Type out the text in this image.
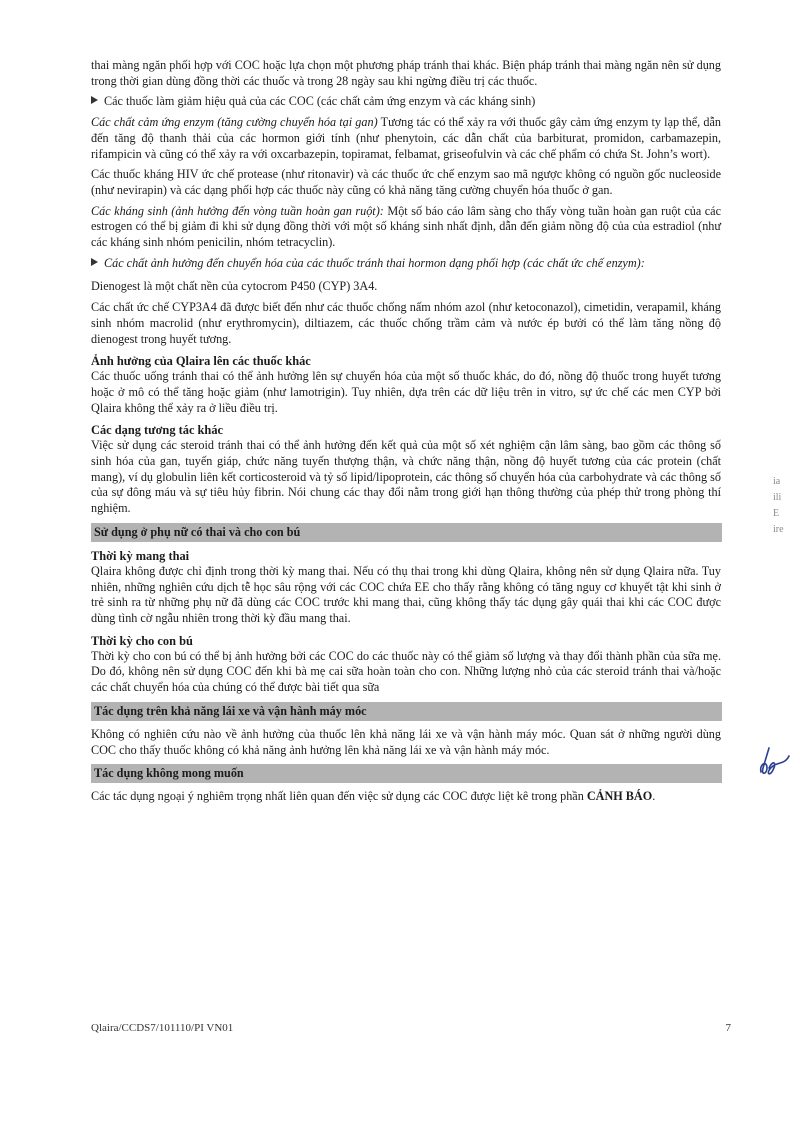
thai màng ngăn phối hợp với COC hoặc lựa chọn một phương pháp tránh thai khác. Biện pháp tránh thai màng ngăn nên sử dụng trong thời gian dùng đồng thời các thuốc và trong 28 ngày sau khi ngừng điều trị các thuốc.

Các thuốc làm giảm hiệu quả của các COC (các chất cảm ứng enzym và các kháng sinh)

Các chất cảm ứng enzym (tăng cường chuyển hóa tại gan) Tương tác có thể xảy ra với thuốc gây cảm ứng enzym ty lạp thể, dẫn đến tăng độ thanh thải của các hormon giới tính (như phenytoin, các dẫn chất của barbiturat, promidon, carbamazepin, rifampicin và cũng có thể xảy ra với oxcarbazepin, topiramat, felbamat, griseofulvin và các chế phẩm có chứa St. John’s wort).

Các thuốc kháng HIV ức chế protease (như ritonavir) và các thuốc ức chế enzym sao mã ngược không có nguồn gốc nucleoside (như nevirapin) và các dạng phối hợp các thuốc này cũng có khả năng tăng cường chuyển hóa thuốc ở gan.

Các kháng sinh (ảnh hưởng đến vòng tuần hoàn gan ruột): Một số báo cáo lâm sàng cho thấy vòng tuần hoàn gan ruột của các estrogen có thể bị giảm đi khi sử dụng đồng thời với một số kháng sinh nhất định, dẫn đến giảm nồng độ của của estradiol (như các kháng sinh nhóm penicilin, nhóm tetracyclin).

Các chất ảnh hưởng đến chuyển hóa của các thuốc tránh thai hormon dạng phối hợp (các chất ức chế enzym):

Dienogest là một chất nền của cytocrom P450 (CYP) 3A4.

Các chất ức chế CYP3A4 đã được biết đến như các thuốc chống nấm nhóm azol (như ketoconazol), cimetidin, verapamil, kháng sinh nhóm macrolid (như erythromycin), diltiazem, các thuốc chống trầm cảm và nước ép bưởi có thể làm tăng nồng độ dienogest trong huyết tương.

Ảnh hưởng của Qlaira lên các thuốc khác

Các thuốc uống tránh thai có thể ảnh hưởng lên sự chuyển hóa của một số thuốc khác, do đó, nồng độ thuốc trong huyết tương hoặc ở mô có thể tăng hoặc giảm (như lamotrigin). Tuy nhiên, dựa trên các dữ liệu trên in vitro, sự ức chế các men CYP bởi Qlaira không thể xảy ra ở liều điều trị.

Các dạng tương tác khác

Việc sử dụng các steroid tránh thai có thể ảnh hưởng đến kết quả của một số xét nghiệm cận lâm sàng, bao gồm các thông số sinh hóa của gan, tuyến giáp, chức năng tuyến thượng thận, và chức năng thận, nồng độ huyết tương của các protein (chất mang), ví dụ globulin liên kết corticosteroid và tỷ số lipid/lipoprotein, các thông số chuyển hóa của carbohydrate và các thông số của sự đông máu và sự tiêu hủy fibrin. Nói chung các thay đổi nằm trong giới hạn thông thường của phép thử trong phòng thí nghiệm.

Sử dụng ở phụ nữ có thai và cho con bú

Thời kỳ mang thai

Qlaira không được chỉ định trong thời kỳ mang thai. Nếu có thụ thai trong khi dùng Qlaira, không nên sử dụng Qlaira nữa. Tuy nhiên, những nghiên cứu dịch tễ học sâu rộng với các COC chứa EE cho thấy rằng không có tăng nguy cơ khuyết tật khi sinh ở trẻ sinh ra từ những phụ nữ đã dùng các COC trước khi mang thai, cũng không thấy tác dụng gây quái thai khi các COC được dùng tình cờ ngẫu nhiên trong thời kỳ đầu mang thai.

Thời kỳ cho con bú

Thời kỳ cho con bú có thể bị ảnh hưởng bởi các COC do các thuốc này có thể giảm số lượng và thay đổi thành phần của sữa mẹ. Do đó, không nên sử dụng COC đến khi bà mẹ cai sữa hoàn toàn cho con. Những lượng nhỏ của các steroid tránh thai và/hoặc các chất chuyển hóa của chúng có thể được bài tiết qua sữa

Tác dụng trên khả năng lái xe và vận hành máy móc

Không có nghiên cứu nào về ảnh hưởng của thuốc lên khả năng lái xe và vận hành máy móc. Quan sát ở những người dùng COC cho thấy thuốc không có khả năng ảnh hưởng lên khả năng lái xe và vận hành máy móc.

Tác dụng không mong muốn

Các tác dụng ngoại ý nghiêm trọng nhất liên quan đến việc sử dụng các COC được liệt kê trong phần CẢNH BÁO.

Qlaira/CCDS7/101110/PI VN01	7
ia
ili
E
ire
